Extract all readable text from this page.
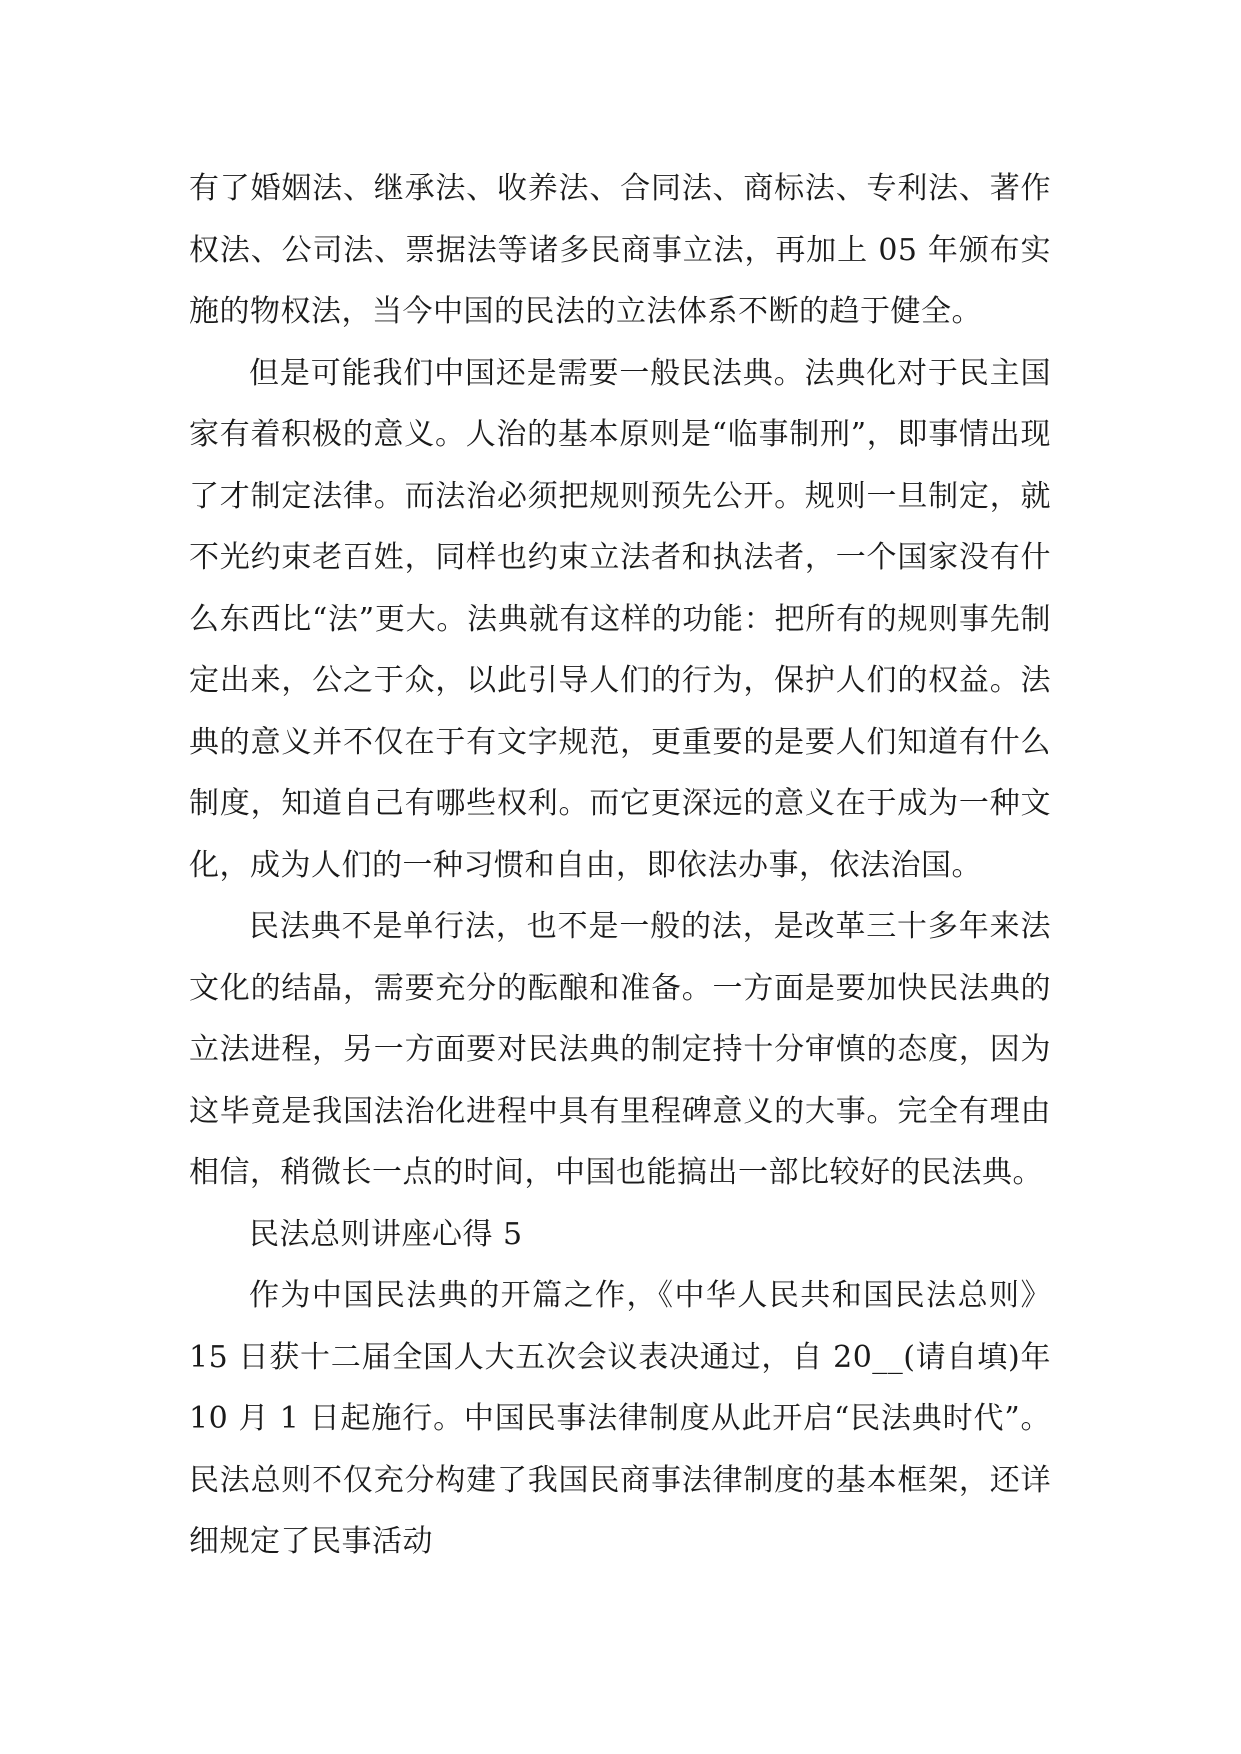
有了婚姻法、继承法、收养法、合同法、商标法、专利法、著作权法、公司法、票据法等诸多民商事立法，再加上 05 年颁布实施的物权法，当今中国的民法的立法体系不断的趋于健全。

但是可能我们中国还是需要一般民法典。法典化对于民主国家有着积极的意义。人治的基本原则是“临事制刑”，即事情出现了才制定法律。而法治必须把规则预先公开。规则一旦制定，就不光约束老百姓，同样也约束立法者和执法者，一个国家没有什么东西比“法”更大。法典就有这样的功能：把所有的规则事先制定出来，公之于众，以此引导人们的行为，保护人们的权益。法典的意义并不仅在于有文字规范，更重要的是要人们知道有什么制度，知道自己有哪些权利。而它更深远的意义在于成为一种文化，成为人们的一种习惯和自由，即依法办事，依法治国。

民法典不是单行法，也不是一般的法，是改革三十多年来法文化的结晶，需要充分的酝酿和准备。一方面是要加快民法典的立法进程，另一方面要对民法典的制定持十分审慎的态度，因为这毕竟是我国法治化进程中具有里程碑意义的大事。完全有理由相信，稍微长一点的时间，中国也能搞出一部比较好的民法典。

民法总则讲座心得 5

作为中国民法典的开篇之作，《中华人民共和国民法总则》15 日获十二届全国人大五次会议表决通过，自 20__(请自填)年 10 月 1 日起施行。中国民事法律制度从此开启“民法典时代”。民法总则不仅充分构建了我国民商事法律制度的基本框架，还详细规定了民事活动
